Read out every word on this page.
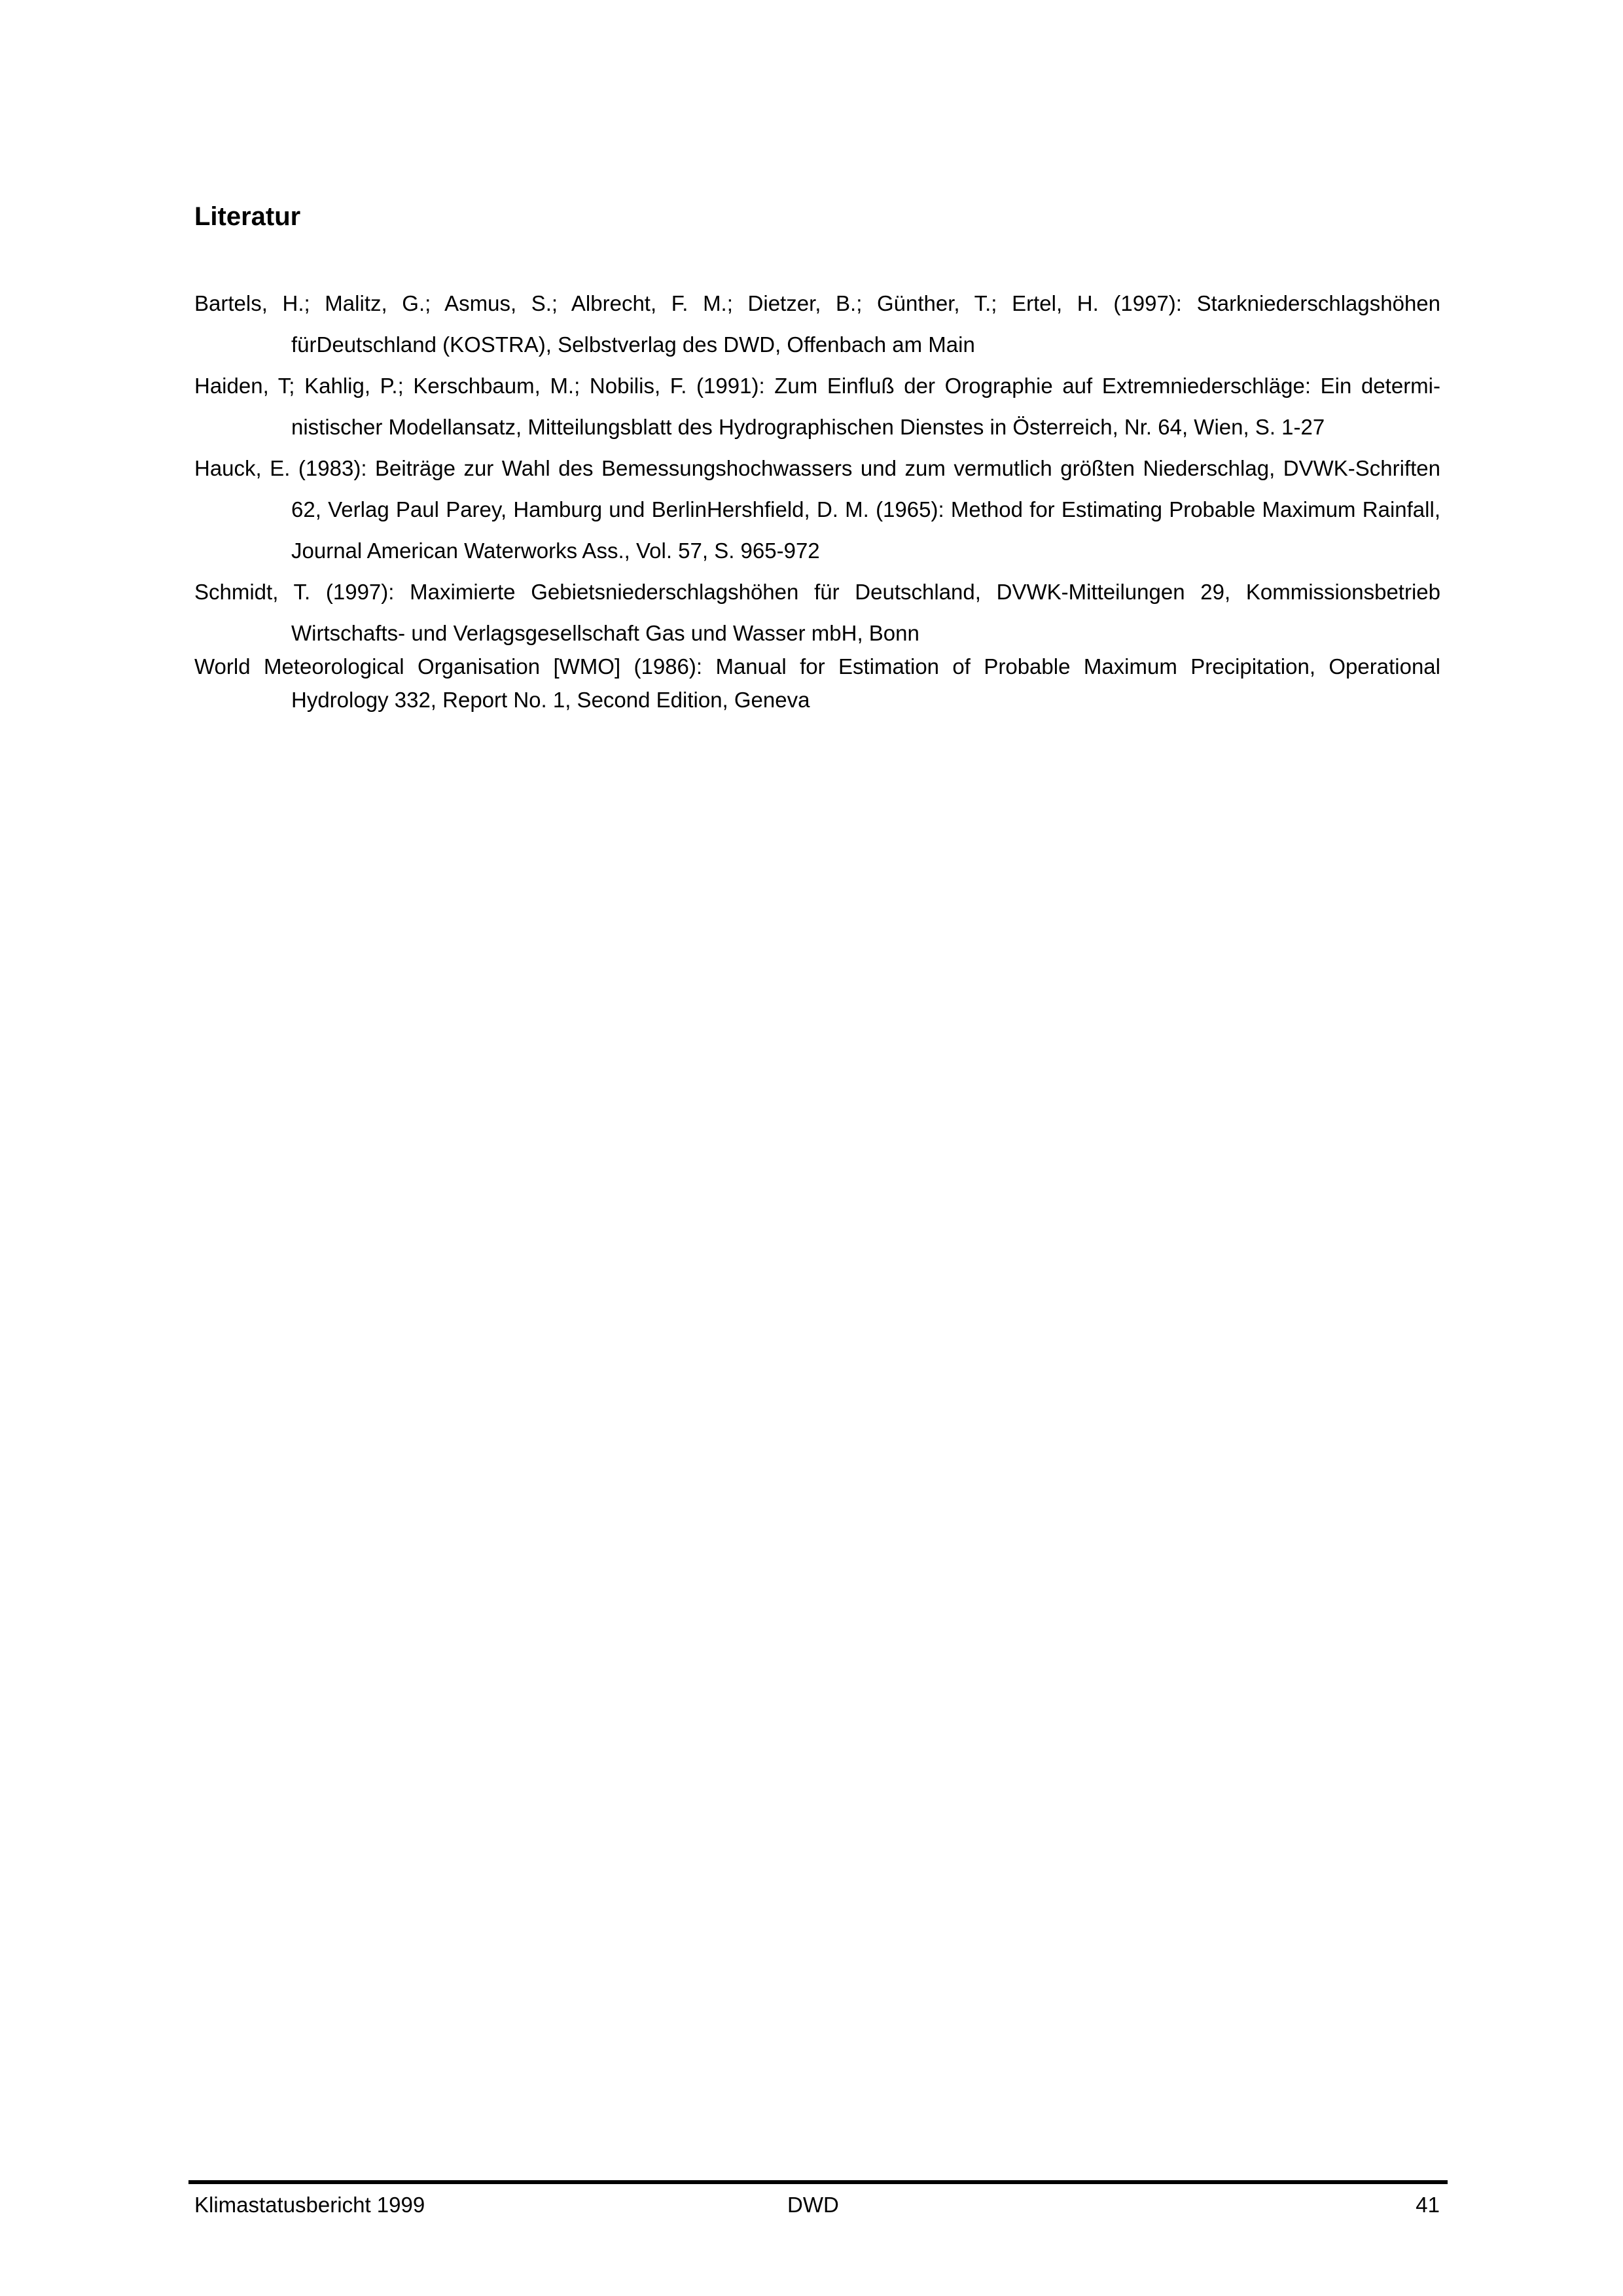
Literatur

Bartels, H.; Malitz, G.; Asmus, S.; Albrecht, F. M.; Dietzer, B.; Günther, T.; Ertel, H. (1997): Starkniederschlagshöhen fürDeutschland (KOSTRA), Selbstverlag des DWD, Offenbach am Main

Haiden, T; Kahlig, P.; Kerschbaum, M.; Nobilis, F. (1991): Zum Einfluß der Orographie auf Extremniederschläge: Ein determi-nistischer Modellansatz, Mitteilungsblatt des Hydrographischen Dienstes in Österreich, Nr. 64, Wien, S. 1-27

Hauck, E. (1983): Beiträge zur Wahl des Bemessungshochwassers und zum vermutlich größten Niederschlag, DVWK-Schriften 62, Verlag Paul Parey, Hamburg und BerlinHershfield, D. M. (1965): Method for Estimating Probable Maximum Rainfall, Journal American Waterworks Ass., Vol. 57, S. 965-972

Schmidt, T. (1997): Maximierte Gebietsniederschlagshöhen für Deutschland, DVWK-Mitteilungen 29, Kommissionsbetrieb Wirtschafts- und Verlagsgesellschaft Gas und Wasser mbH, Bonn

World Meteorological Organisation [WMO] (1986): Manual for Estimation of Probable Maximum Precipitation, Operational Hydrology 332, Report No. 1, Second Edition, Geneva

Klimastatusbericht 1999	DWD	41
